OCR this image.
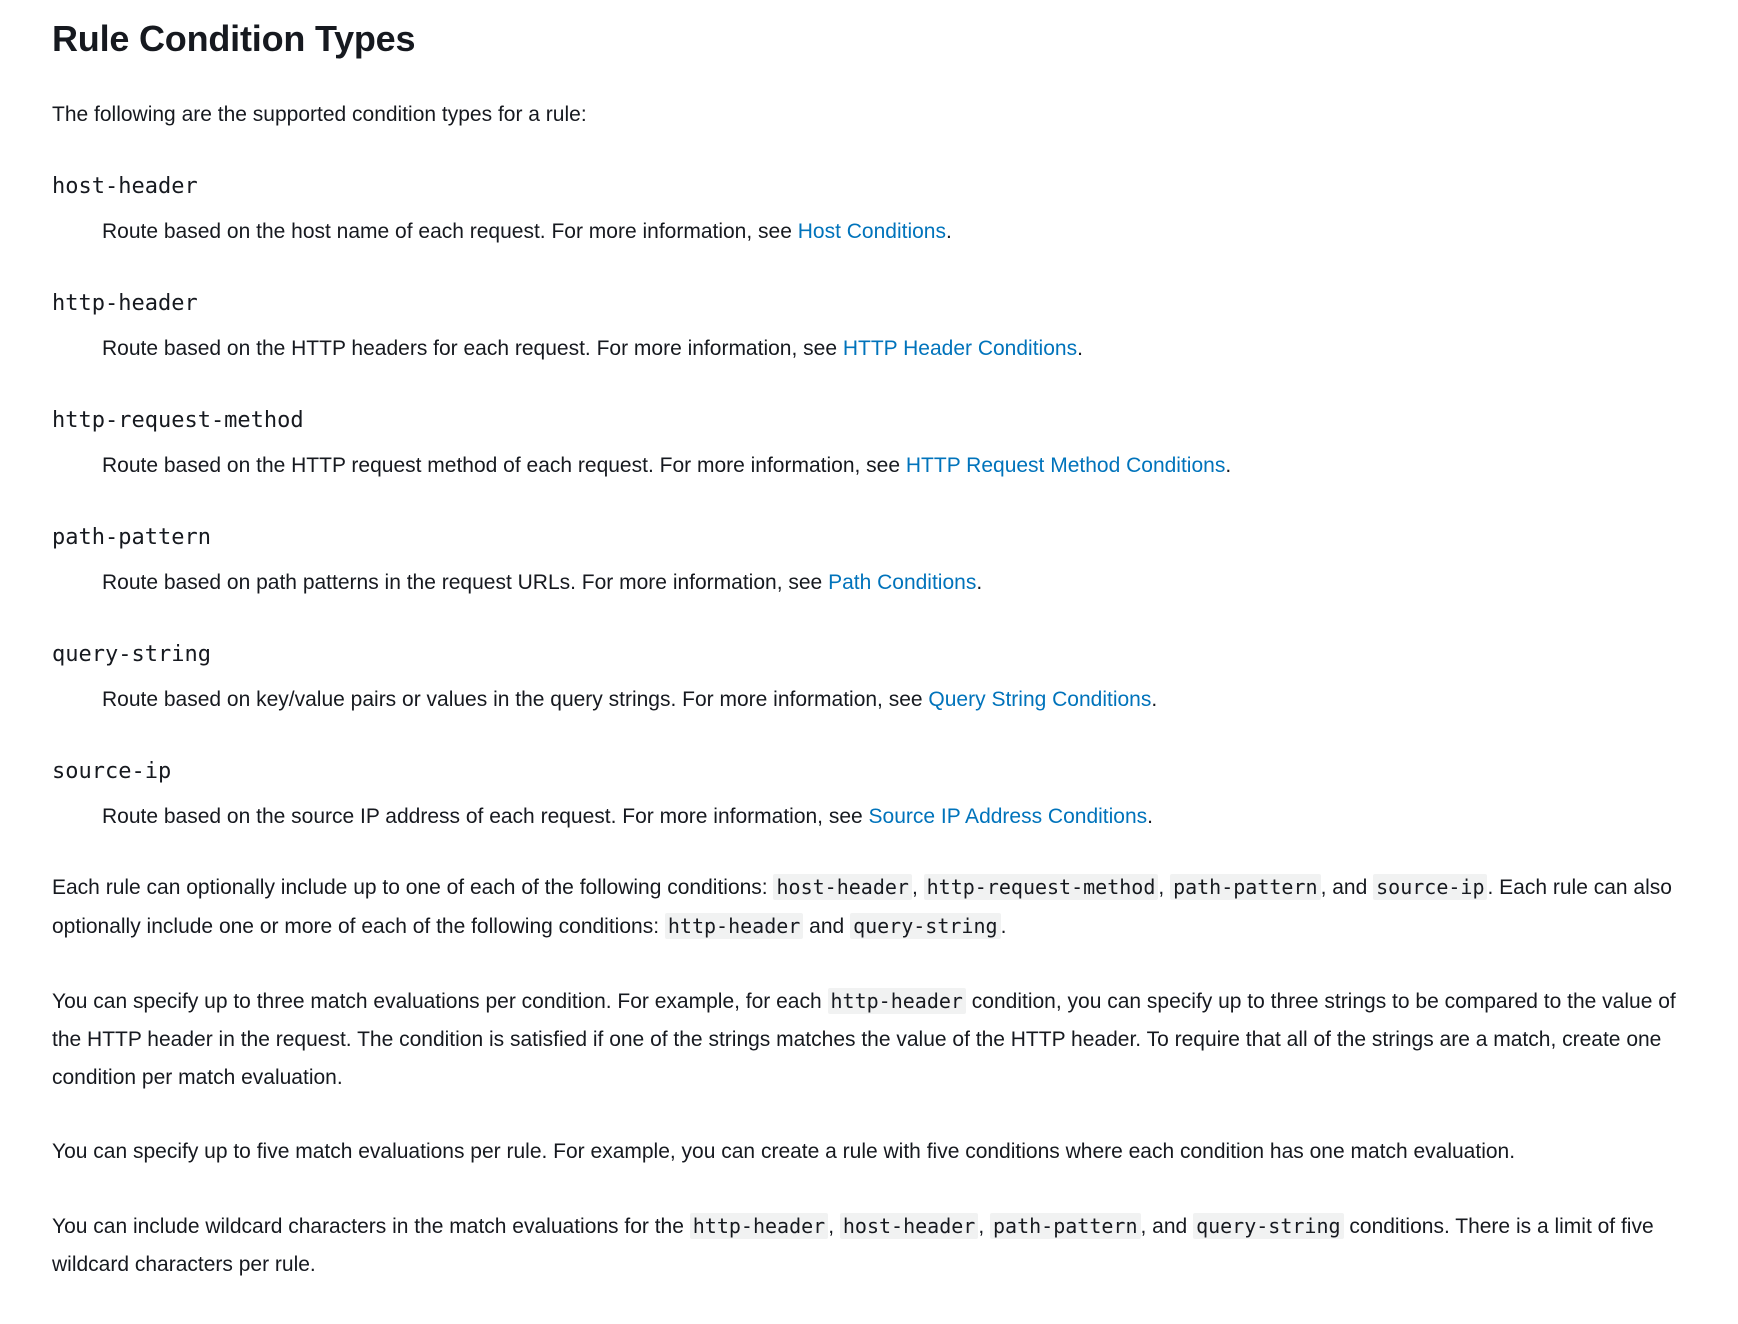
Rule Condition Types

The following are the supported condition types for a rule:

host-header
Route based on the host name of each request. For more information, see Host Conditions.
http-header
Route based on the HTTP headers for each request. For more information, see HTTP Header Conditions.
http-request-method
Route based on the HTTP request method of each request. For more information, see HTTP Request Method Conditions.
path-pattern
Route based on path patterns in the request URLs. For more information, see Path Conditions.
query-string
Route based on key/value pairs or values in the query strings. For more information, see Query String Conditions.
source-ip
Route based on the source IP address of each request. For more information, see Source IP Address Conditions.

Each rule can optionally include up to one of each of the following conditions: host-header , http-request-method , path-pattern , and source-ip . Each rule can also optionally include one or more of each of the following conditions: http-header and query-string .

You can specify up to three match evaluations per condition. For example, for each http-header condition, you can specify up to three strings to be compared to the value of the HTTP header in the request. The condition is satisfied if one of the strings matches the value of the HTTP header. To require that all of the strings are a match, create one condition per match evaluation.

You can specify up to five match evaluations per rule. For example, you can create a rule with five conditions where each condition has one match evaluation.

You can include wildcard characters in the match evaluations for the http-header , host-header , path-pattern , and query-string conditions. There is a limit of five wildcard characters per rule.
